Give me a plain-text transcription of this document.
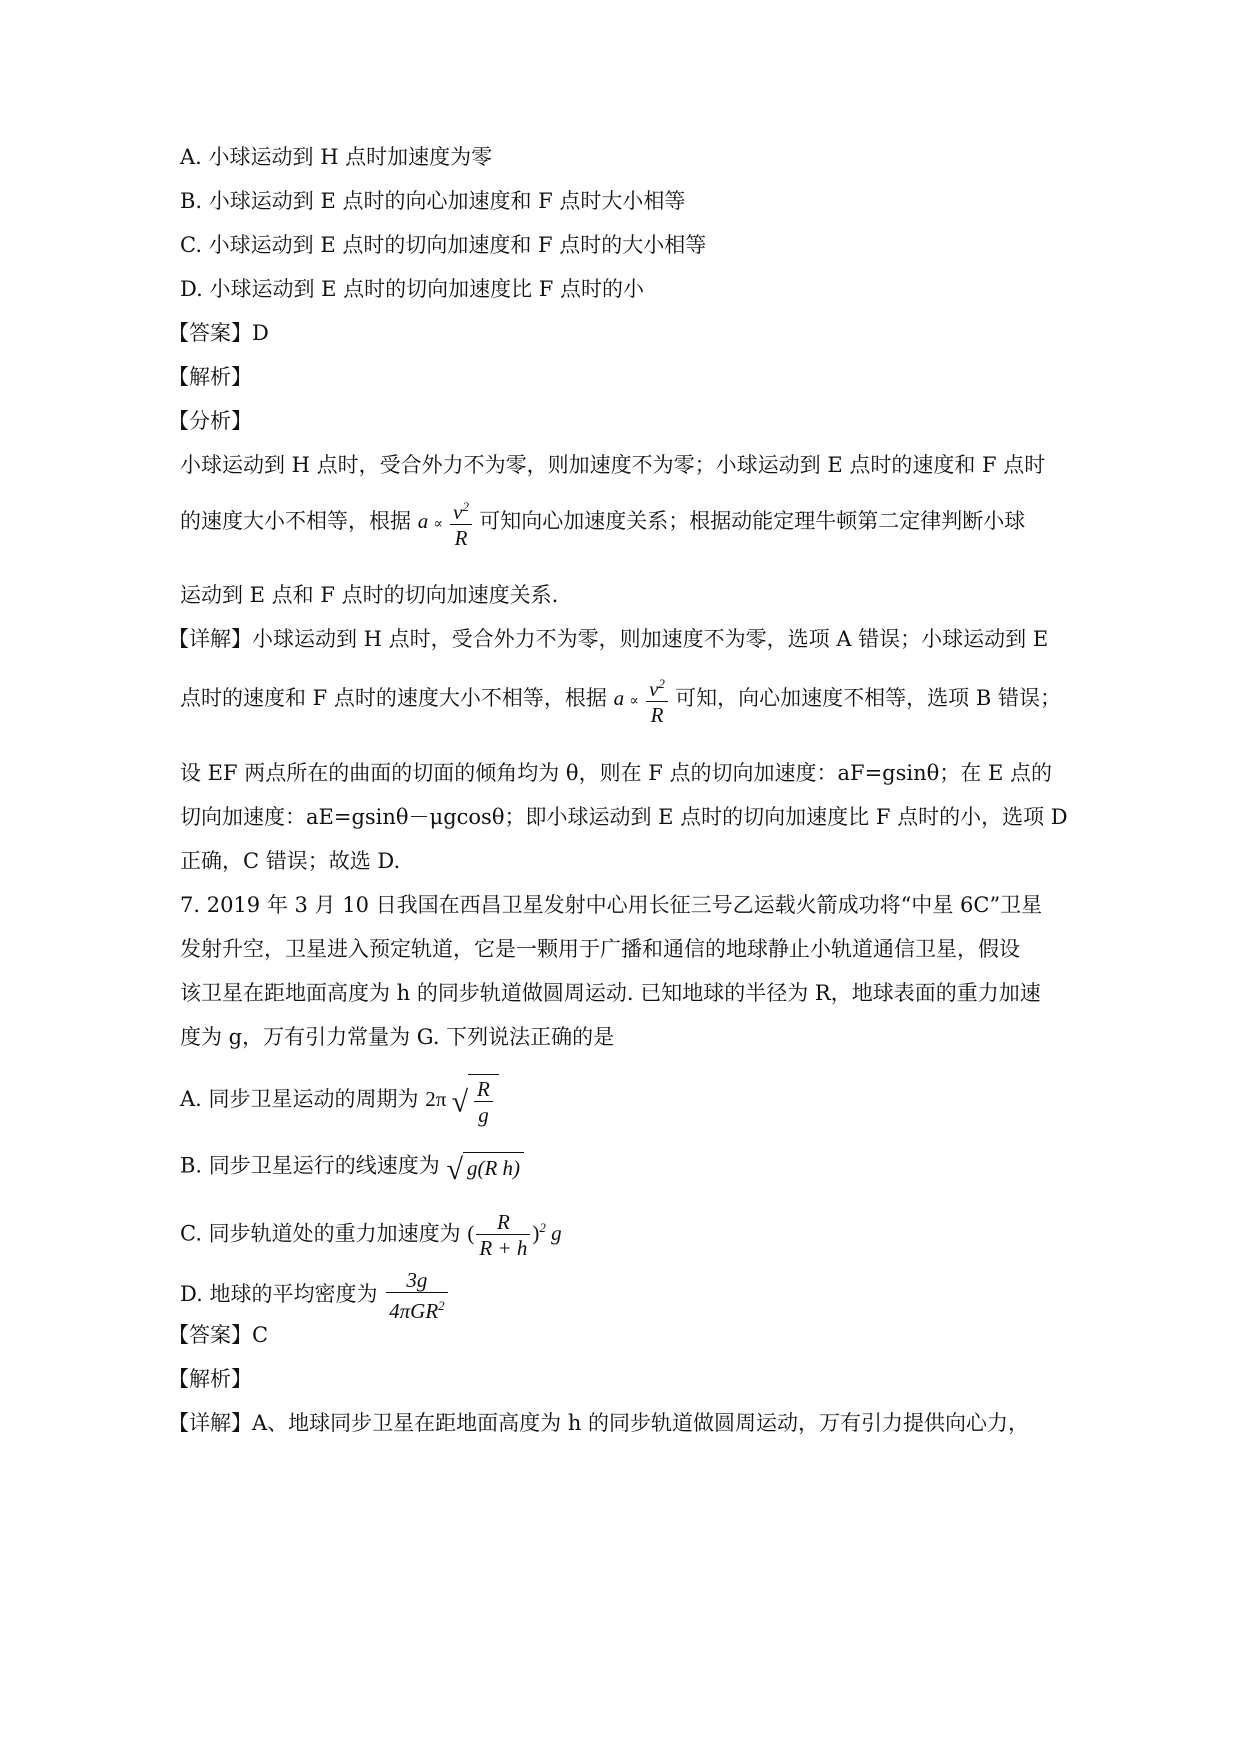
A. 小球运动到 H 点时加速度为零
B. 小球运动到 E 点时的向心加速度和 F 点时大小相等
C. 小球运动到 E 点时的切向加速度和 F 点时的大小相等
D. 小球运动到 E 点时的切向加速度比 F 点时的小
【答案】D
【解析】
【分析】
小球运动到 H 点时，受合外力不为零，则加速度不为零；小球运动到 E 点时的速度和 F 点时
的速度大小不相等，根据 $a \propto \frac{v^2}{R}$ 可知向心加速度关系；根据动能定理牛顿第二定律判断小球
运动到 E 点和 F 点时的切向加速度关系.
【详解】小球运动到 H 点时，受合外力不为零，则加速度不为零，选项 A 错误；小球运动到 E
点时的速度和 F 点时的速度大小不相等，根据 $a \propto \frac{v^2}{R}$ 可知，向心加速度不相等，选项 B 错误；
设 EF 两点所在的曲面的切面的倾角均为 θ，则在 F 点的切向加速度：aF=gsinθ；在 E 点的
切向加速度：aE=gsinθ－μgcosθ；即小球运动到 E 点时的切向加速度比 F 点时的小，选项 D
正确，C 错误；故选 D.
7. 2019 年 3 月 10 日我国在西昌卫星发射中心用长征三号乙运载火箭成功将“中星 6C”卫星
发射升空，卫星进入预定轨道，它是一颗用于广播和通信的地球静止小轨道通信卫星，假设
该卫星在距地面高度为 h 的同步轨道做圆周运动. 已知地球的半径为 R，地球表面的重力加速
度为 g，万有引力常量为 G. 下列说法正确的是
A. 同步卫星运动的周期为 2π √ $\frac{R}{g}$
B. 同步卫星运行的线速度为 √ g(R h)
C. 同步轨道处的重力加速度为 ( $\frac{R}{R + h} )^2$ g
D. 地球的平均密度为 $\frac{3g}{4\pi GR^2}$
【答案】C
【解析】
【详解】A、地球同步卫星在距地面高度为 h 的同步轨道做圆周运动，万有引力提供向心力，
